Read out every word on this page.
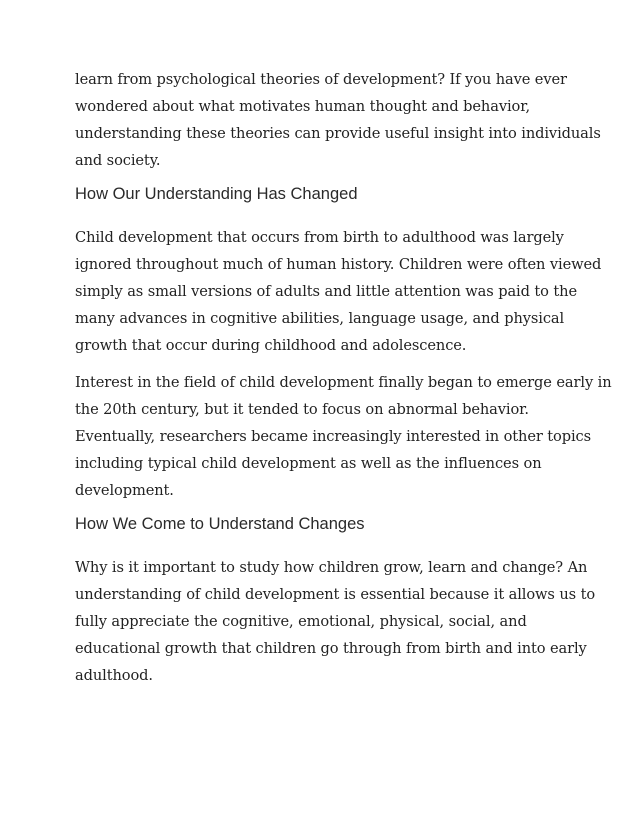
learn from psychological theories of development? If you have ever
wondered about what motivates human thought and behavior,
understanding these theories can provide useful insight into individuals
and society.

How Our Understanding Has Changed

Child development that occurs from birth to adulthood was largely
ignored throughout much of human history. Children were often viewed
simply as small versions of adults and little attention was paid to the
many advances in cognitive abilities, language usage, and physical
growth that occur during childhood and adolescence.

Interest in the field of child development finally began to emerge early in
the 20th century, but it tended to focus on abnormal behavior.
Eventually, researchers became increasingly interested in other topics
including typical child development as well as the influences on
development.

How We Come to Understand Changes

Why is it important to study how children grow, learn and change? An
understanding of child development is essential because it allows us to
fully appreciate the cognitive, emotional, physical, social, and
educational growth that children go through from birth and into early
adulthood.
